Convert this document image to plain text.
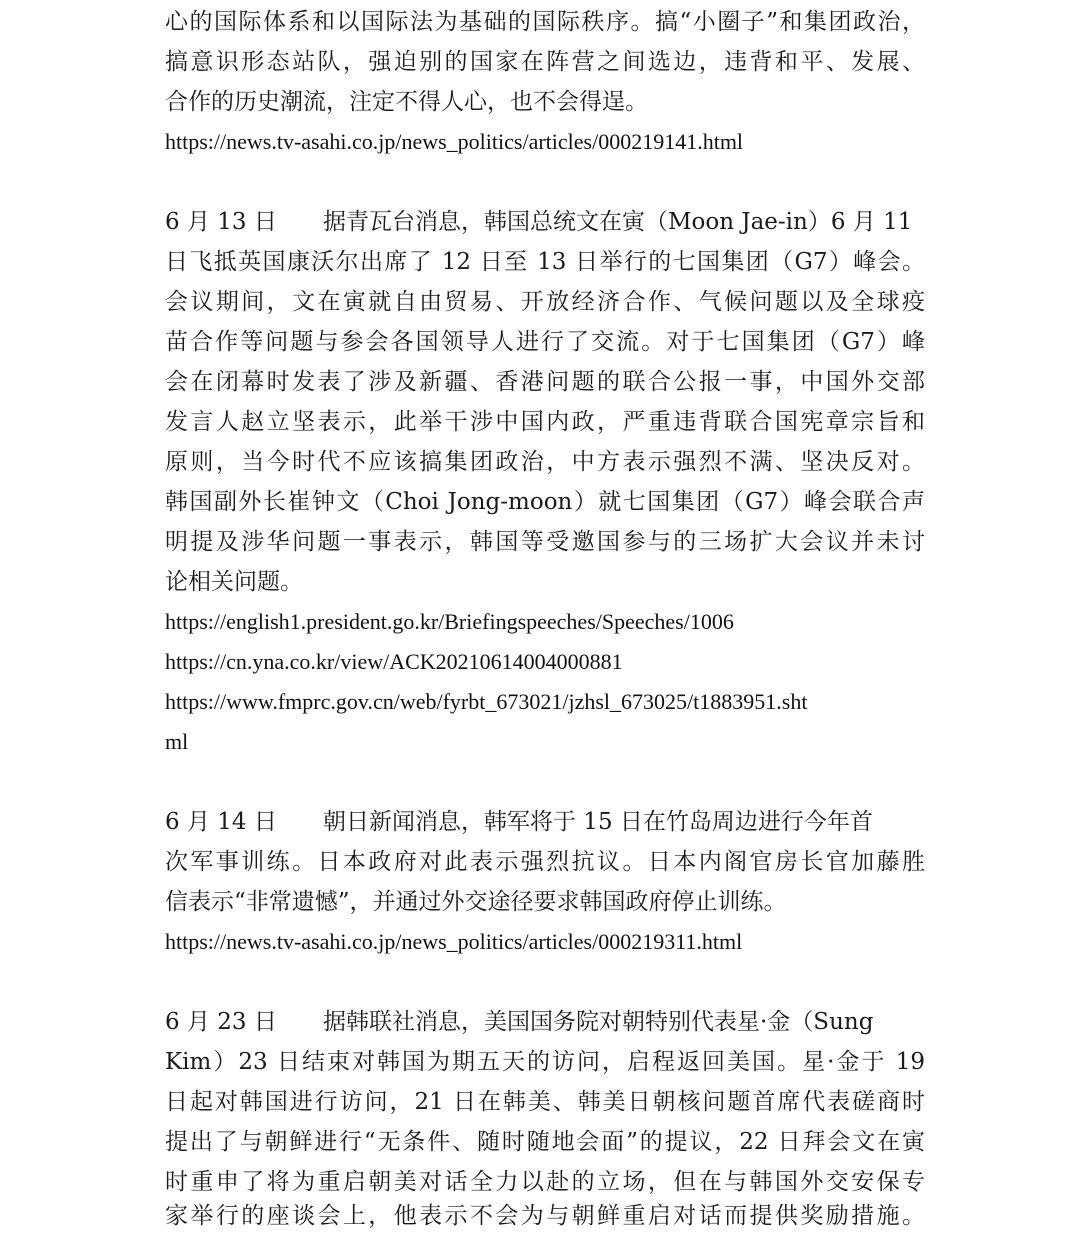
心的国际体系和以国际法为基础的国际秩序。搞“小圈子”和集团政治，
搞意识形态站队，强迫别的国家在阵营之间选边，违背和平、发展、
合作的历史潮流，注定不得人心，也不会得逞。
https://news.tv-asahi.co.jp/news_politics/articles/000219141.html
6 月 13 日 据青瓦台消息，韩国总统文在寅（Moon Jae-in）6 月 11
日飞抵英国康沃尔出席了 12 日至 13 日举行的七国集团（G7）峰会。
会议期间，文在寅就自由贸易、开放经济合作、气候问题以及全球疫
苗合作等问题与参会各国领导人进行了交流。对于七国集团（G7）峰
会在闭幕时发表了涉及新疆、香港问题的联合公报一事，中国外交部
发言人赵立坚表示，此举干涉中国内政，严重违背联合国宪章宗旨和
原则，当今时代不应该搞集团政治，中方表示强烈不满、坚决反对。
韩国副外长崔钟文（Choi Jong-moon）就七国集团（G7）峰会联合声
明提及涉华问题一事表示，韩国等受邀国参与的三场扩大会议并未讨
论相关问题。
https://english1.president.go.kr/Briefingspeeches/Speeches/1006
https://cn.yna.co.kr/view/ACK20210614004000881
https://www.fmprc.gov.cn/web/fyrbt_673021/jzhsl_673025/t1883951.sht
ml
6 月 14 日 朝日新闻消息，韩军将于 15 日在竹岛周边进行今年首
次军事训练。日本政府对此表示强烈抗议。日本内阁官房长官加藤胜
信表示“非常遗憾”，并通过外交途径要求韩国政府停止训练。
https://news.tv-asahi.co.jp/news_politics/articles/000219311.html
6 月 23 日 据韩联社消息，美国国务院对朝特别代表星·金（Sung
Kim）23 日结束对韩国为期五天的访问，启程返回美国。星·金于 19
日起对韩国进行访问，21 日在韩美、韩美日朝核问题首席代表磋商时
提出了与朝鲜进行“无条件、随时随地会面”的提议，22 日拜会文在寅
时重申了将为重启朝美对话全力以赴的立场，但在与韩国外交安保专
家举行的座谈会上，他表示不会为与朝鲜重启对话而提供奖励措施。
